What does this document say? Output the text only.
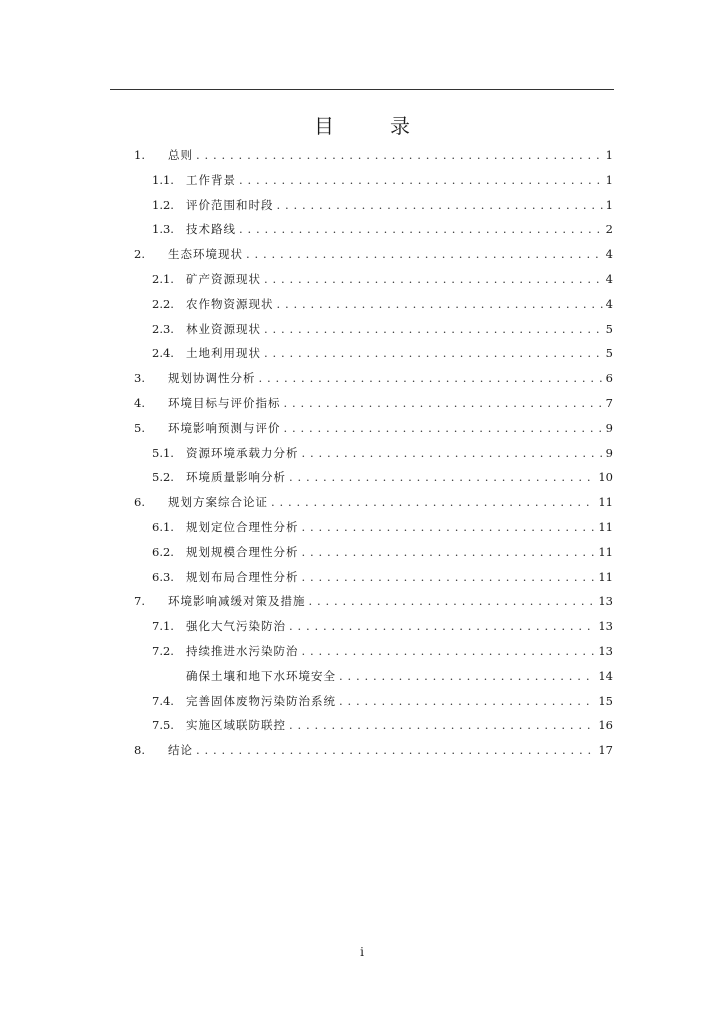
目　录
1.	总则 . . .	1
1.1.	工作背景 . . .	1
1.2.	评价范围和时段 . . .	1
1.3.	技术路线 . . .	2
2.	生态环境现状 . . .	4
2.1.	矿产资源现状 . . .	4
2.2.	农作物资源现状 . . .	4
2.3.	林业资源现状 . . .	5
2.4.	土地利用现状 . . .	5
3.	规划协调性分析 . . .	6
4.	环境目标与评价指标 . . .	7
5.	环境影响预测与评价 . . .	9
5.1.	资源环境承载力分析 . . .	9
5.2.	环境质量影响分析 . . .	10
6.	规划方案综合论证 . . .	11
6.1.	规划定位合理性分析 . . .	11
6.2.	规划规模合理性分析 . . .	11
6.3.	规划布局合理性分析 . . .	11
7.	环境影响减缓对策及措施 . . .	13
7.1.	强化大气污染防治 . . .	13
7.2.	持续推进水污染防治 . . .	13
确保土壤和地下水环境安全 . . .	14
7.4.	完善固体废物污染防治系统 . . .	15
7.5.	实施区域联防联控 . . .	16
8.	结论 . . .	17
i
